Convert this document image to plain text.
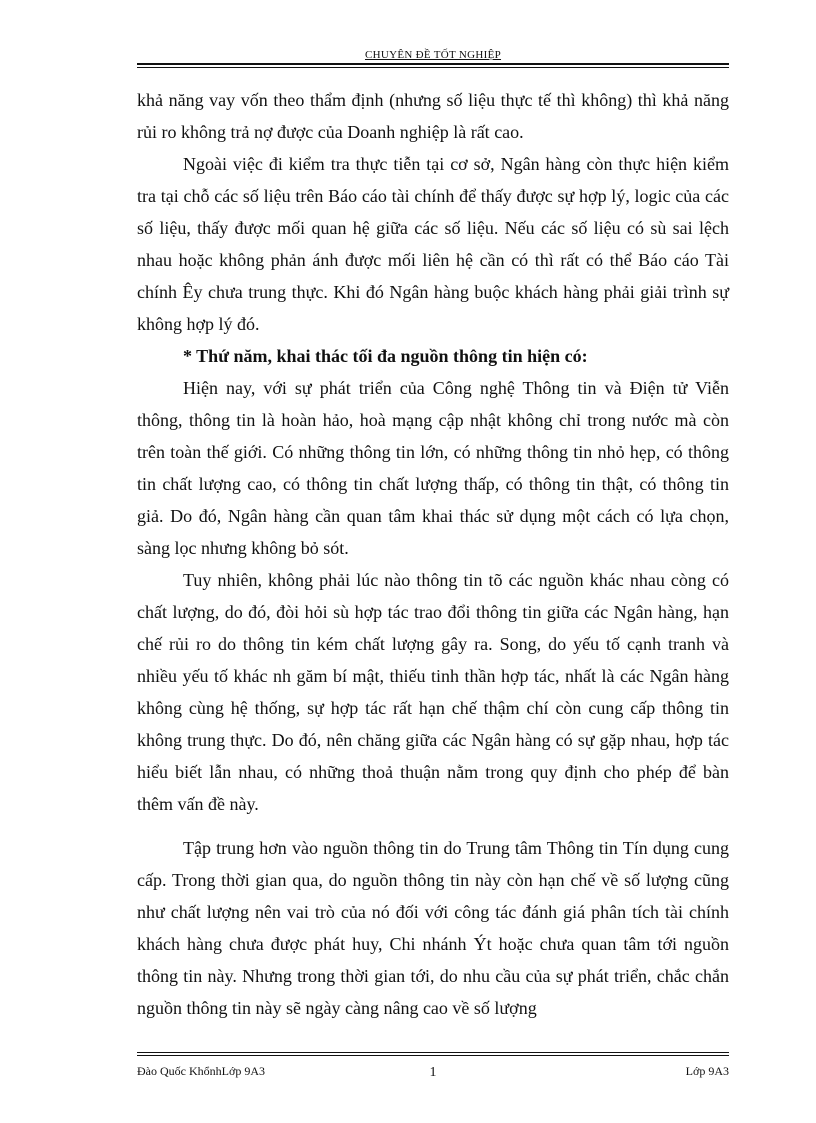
CHUYÊN ĐỀ TỐT NGHIỆP

khả năng vay vốn theo thẩm định (nhưng số liệu thực tế thì không) thì khả năng rủi ro không trả nợ được của Doanh nghiệp là rất cao.

Ngoài việc đi kiểm tra thực tiễn tại cơ sở, Ngân hàng còn thực hiện kiểm tra tại chỗ các số liệu trên Báo cáo tài chính để thấy được sự hợp lý, logic của các số liệu, thấy được mối quan hệ giữa các số liệu. Nếu các số liệu có sù sai lệch nhau hoặc không phản ánh được mối liên hệ cần có thì rất có thể Báo cáo Tài chính Êy chưa trung thực. Khi đó Ngân hàng buộc khách hàng phải giải trình sự không hợp lý đó.

* Thứ năm, khai thác tối đa nguồn thông tin hiện có:

Hiện nay, với sự phát triển của Công nghệ Thông tin và Điện tử Viễn thông, thông tin là hoàn hảo, hoà mạng cập nhật không chỉ trong nước mà còn trên toàn thế giới. Có những thông tin lớn, có những thông tin nhỏ hẹp, có thông tin chất lượng cao, có thông tin chất lượng thấp, có thông tin thật, có thông tin giả. Do đó, Ngân hàng cần quan tâm khai thác sử dụng một cách có lựa chọn, sàng lọc nhưng không bỏ sót.

Tuy nhiên, không phải lúc nào thông tin tõ các nguồn khác nhau còng có chất lượng, do đó, đòi hỏi sù hợp tác trao đổi thông tin giữa các Ngân hàng, hạn chế rủi ro do thông tin kém chất lượng gây ra. Song, do yếu tố cạnh tranh và nhiều yếu tố khác nh găm bí mật, thiếu tinh thần hợp tác, nhất là các Ngân hàng không cùng hệ thống, sự hợp tác rất hạn chế thậm chí còn cung cấp thông tin không trung thực. Do đó, nên chăng giữa các Ngân hàng có sự gặp nhau, hợp tác hiểu biết lẫn nhau, có những thoả thuận nằm trong quy định cho phép để bàn thêm vấn đề này.

Tập trung hơn vào nguồn thông tin do Trung tâm Thông tin Tín dụng cung cấp. Trong thời gian qua, do nguồn thông tin này còn hạn chế về số lượng cũng như chất lượng nên vai trò của nó đối với công tác đánh giá phân tích tài chính khách hàng chưa được phát huy, Chi nhánh Ýt hoặc chưa quan tâm tới nguồn thông tin này. Nhưng trong thời gian tới, do nhu cầu của sự phát triển, chắc chắn nguồn thông tin này sẽ ngày càng nâng cao về số lượng

Đào Quốc KhổnhLớp 9A3	1	Lớp 9A3
